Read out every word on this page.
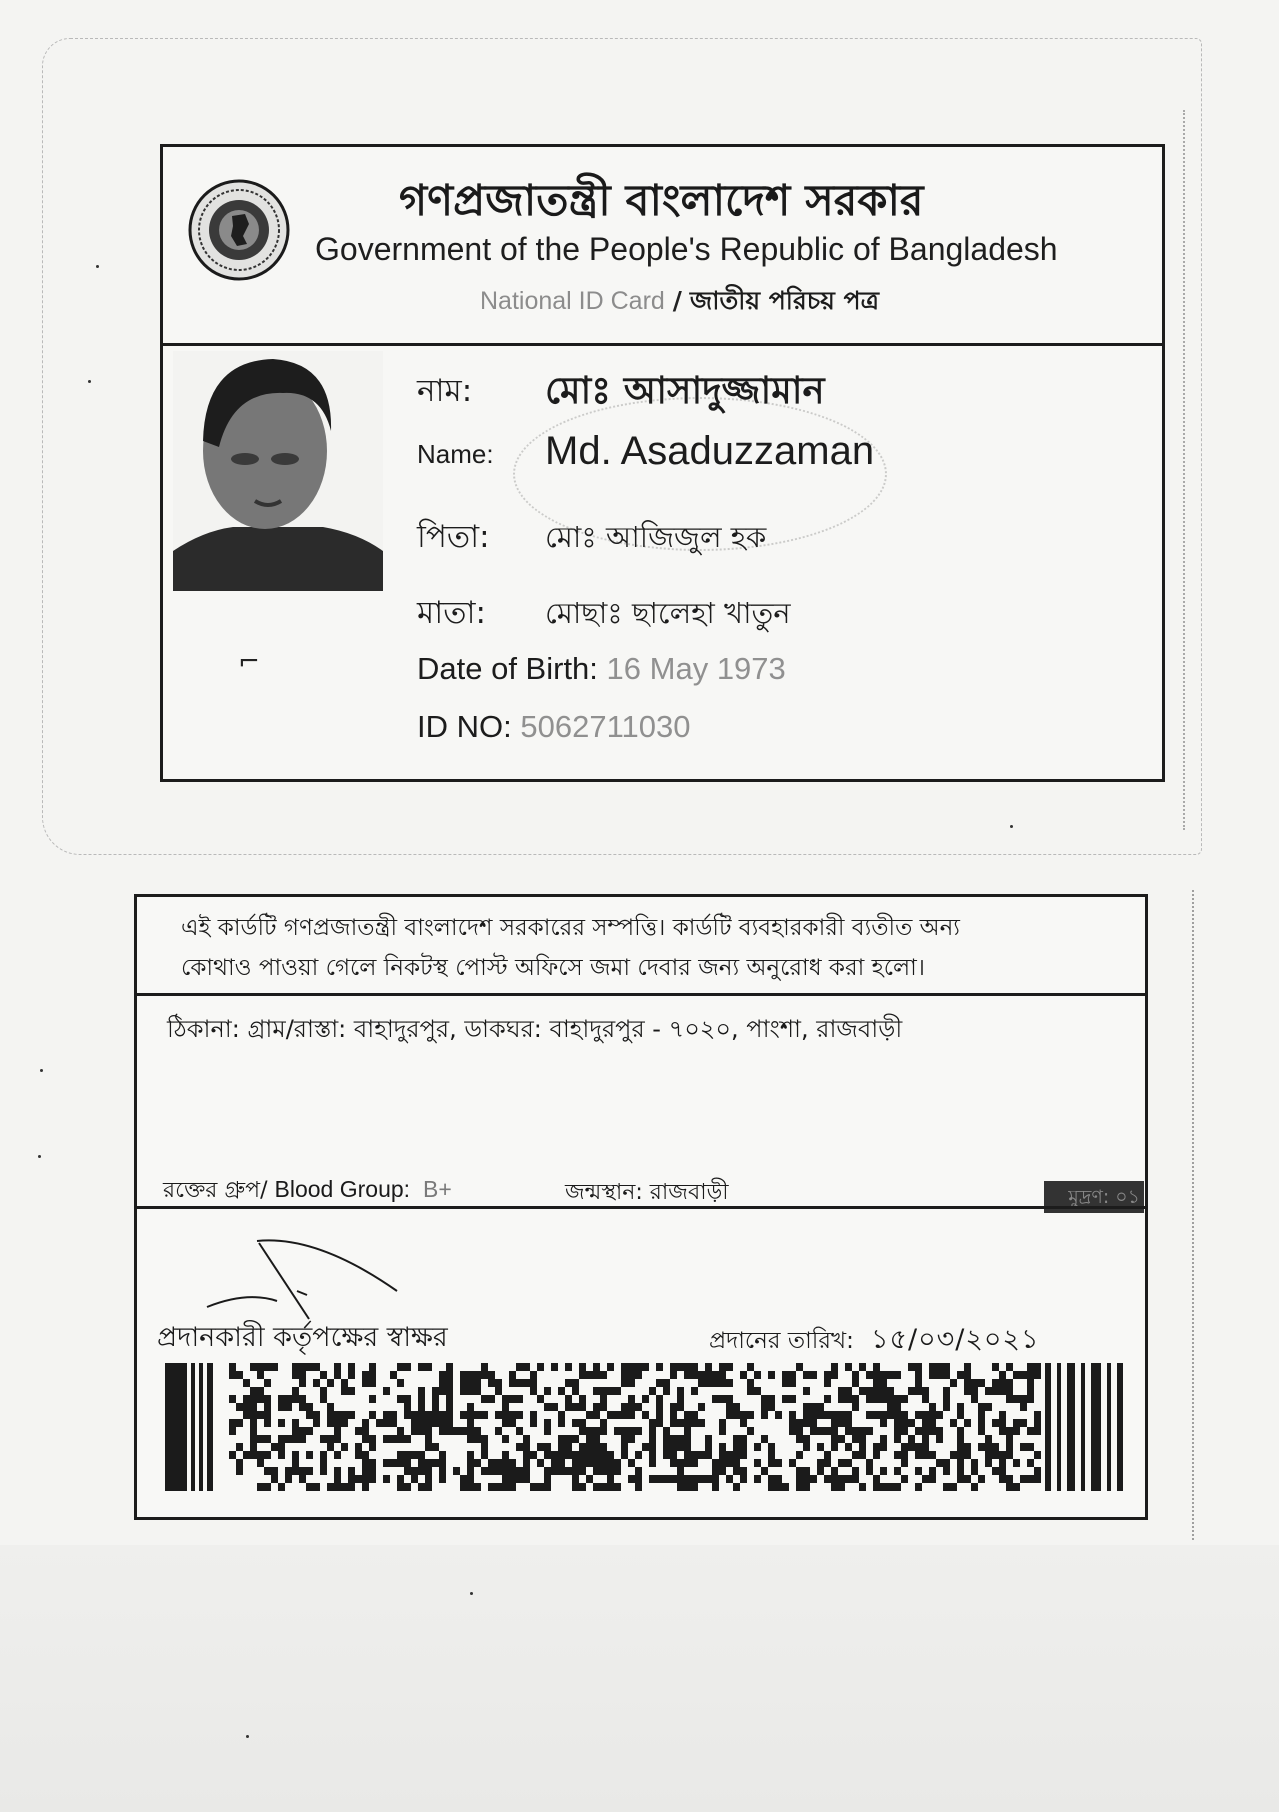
গণপ্রজাতন্ত্রী বাংলাদেশ সরকার
Government of the People's Republic of Bangladesh
National ID Card / জাতীয় পরিচয় পত্র
⌐
নাম: মোঃ আসাদুজ্জামান
Name: Md. Asaduzzaman
পিতা: মোঃ আজিজুল হক
মাতা: মোছাঃ ছালেহা খাতুন
Date of Birth: 16 May 1973
ID NO: 5062711030
এই কার্ডটি গণপ্রজাতন্ত্রী বাংলাদেশ সরকারের সম্পত্তি। কার্ডটি ব্যবহারকারী ব্যতীত অন্য
কোথাও পাওয়া গেলে নিকটস্থ পোস্ট অফিসে জমা দেবার জন্য অনুরোধ করা হলো।
ঠিকানা: গ্রাম/রাস্তা: বাহাদুরপুর, ডাকঘর: বাহাদুরপুর - ৭০২০, পাংশা, রাজবাড়ী
রক্তের গ্রুপ/ Blood Group: B+	জন্মস্থান: রাজবাড়ী	মুদ্রণ: ০১
প্রদানকারী কর্তৃপক্ষের স্বাক্ষর	প্রদানের তারিখ: ১৫/০৩/২০২১
